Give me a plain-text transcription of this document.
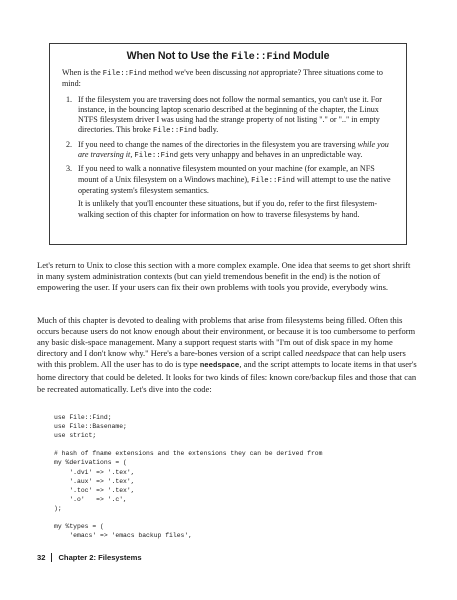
When Not to Use the File::Find Module

When is the File::Find method we've been discussing not appropriate? Three situations come to mind:

1. If the filesystem you are traversing does not follow the normal semantics, you can't use it. For instance, in the bouncing laptop scenario described at the beginning of the chapter, the Linux NTFS filesystem driver I was using had the strange property of not listing "." or ".." in empty directories. This broke File::Find badly.
2. If you need to change the names of the directories in the filesystem you are traversing while you are traversing it, File::Find gets very unhappy and behaves in an unpredictable way.
3. If you need to walk a nonnative filesystem mounted on your machine (for example, an NFS mount of a Unix filesystem on a Windows machine), File::Find will attempt to use the native operating system's filesystem semantics.

It is unlikely that you'll encounter these situations, but if you do, refer to the first filesystem-walking section of this chapter for information on how to traverse filesystems by hand.

Let's return to Unix to close this section with a more complex example. One idea that seems to get short shrift in many system administration contexts (but can yield tremendous benefit in the end) is the notion of empowering the user. If your users can fix their own problems with tools you provide, everybody wins.

Much of this chapter is devoted to dealing with problems that arise from filesystems being filled. Often this occurs because users do not know enough about their environment, or because it is too cumbersome to perform any basic disk-space management. Many a support request starts with "I'm out of disk space in my home directory and I don't know why." Here's a bare-bones version of a script called needspace that can help users with this problem. All the user has to do is type needspace, and the script attempts to locate items in that user's home directory that could be deleted. It looks for two kinds of files: known core/backup files and those that can be recreated automatically. Let's dive into the code:

use File::Find;
use File::Basename;
use strict;

# hash of fname extensions and the extensions they can be derived from
my %derivations = (
'.dvi' => '.tex',
'.aux' => '.tex',
'.toc' => '.tex',
'.o'   => '.c',
);

my %types = (
'emacs' => 'emacs backup files',
32 Chapter 2: Filesystems
